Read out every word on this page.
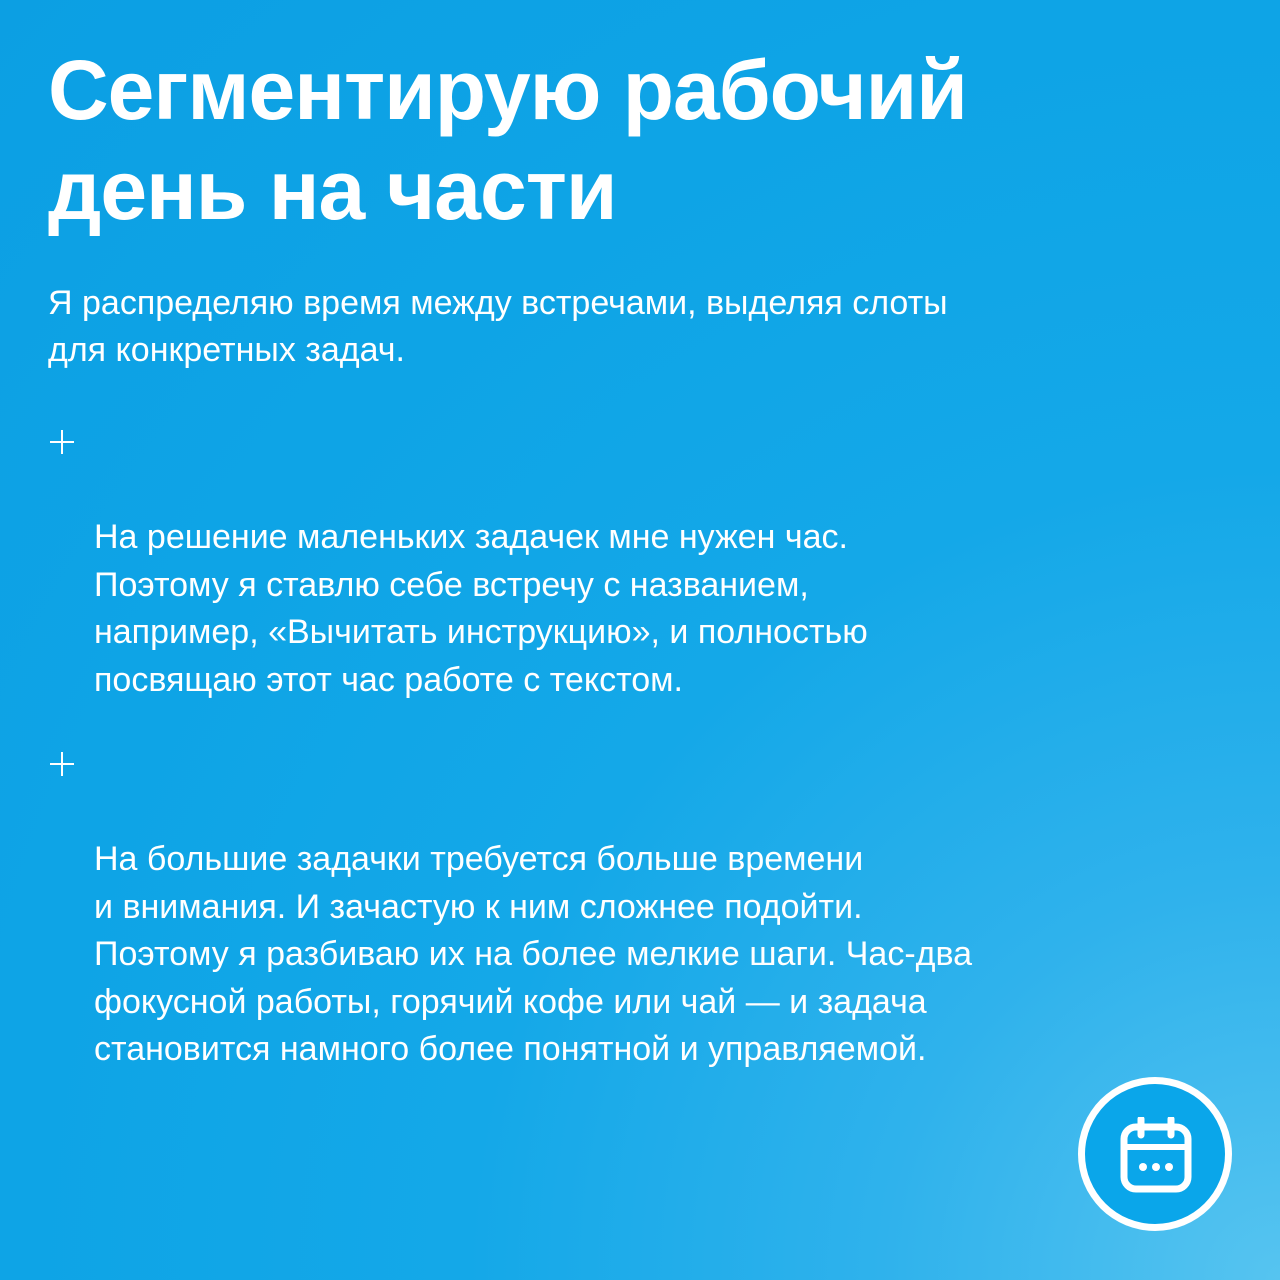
Сегментирую рабочий
день на части

Я распределяю время между встречами, выделяя слоты
для конкретных задач.

На решение маленьких задачек мне нужен час.
Поэтому я ставлю себе встречу с названием,
например, «Вычитать инструкцию», и полностью
посвящаю этот час работе с текстом.

На большие задачки требуется больше времени
и внимания. И зачастую к ним сложнее подойти.
Поэтому я разбиваю их на более мелкие шаги. Час-два
фокусной работы, горячий кофе или чай — и задача
становится намного более понятной и управляемой.
